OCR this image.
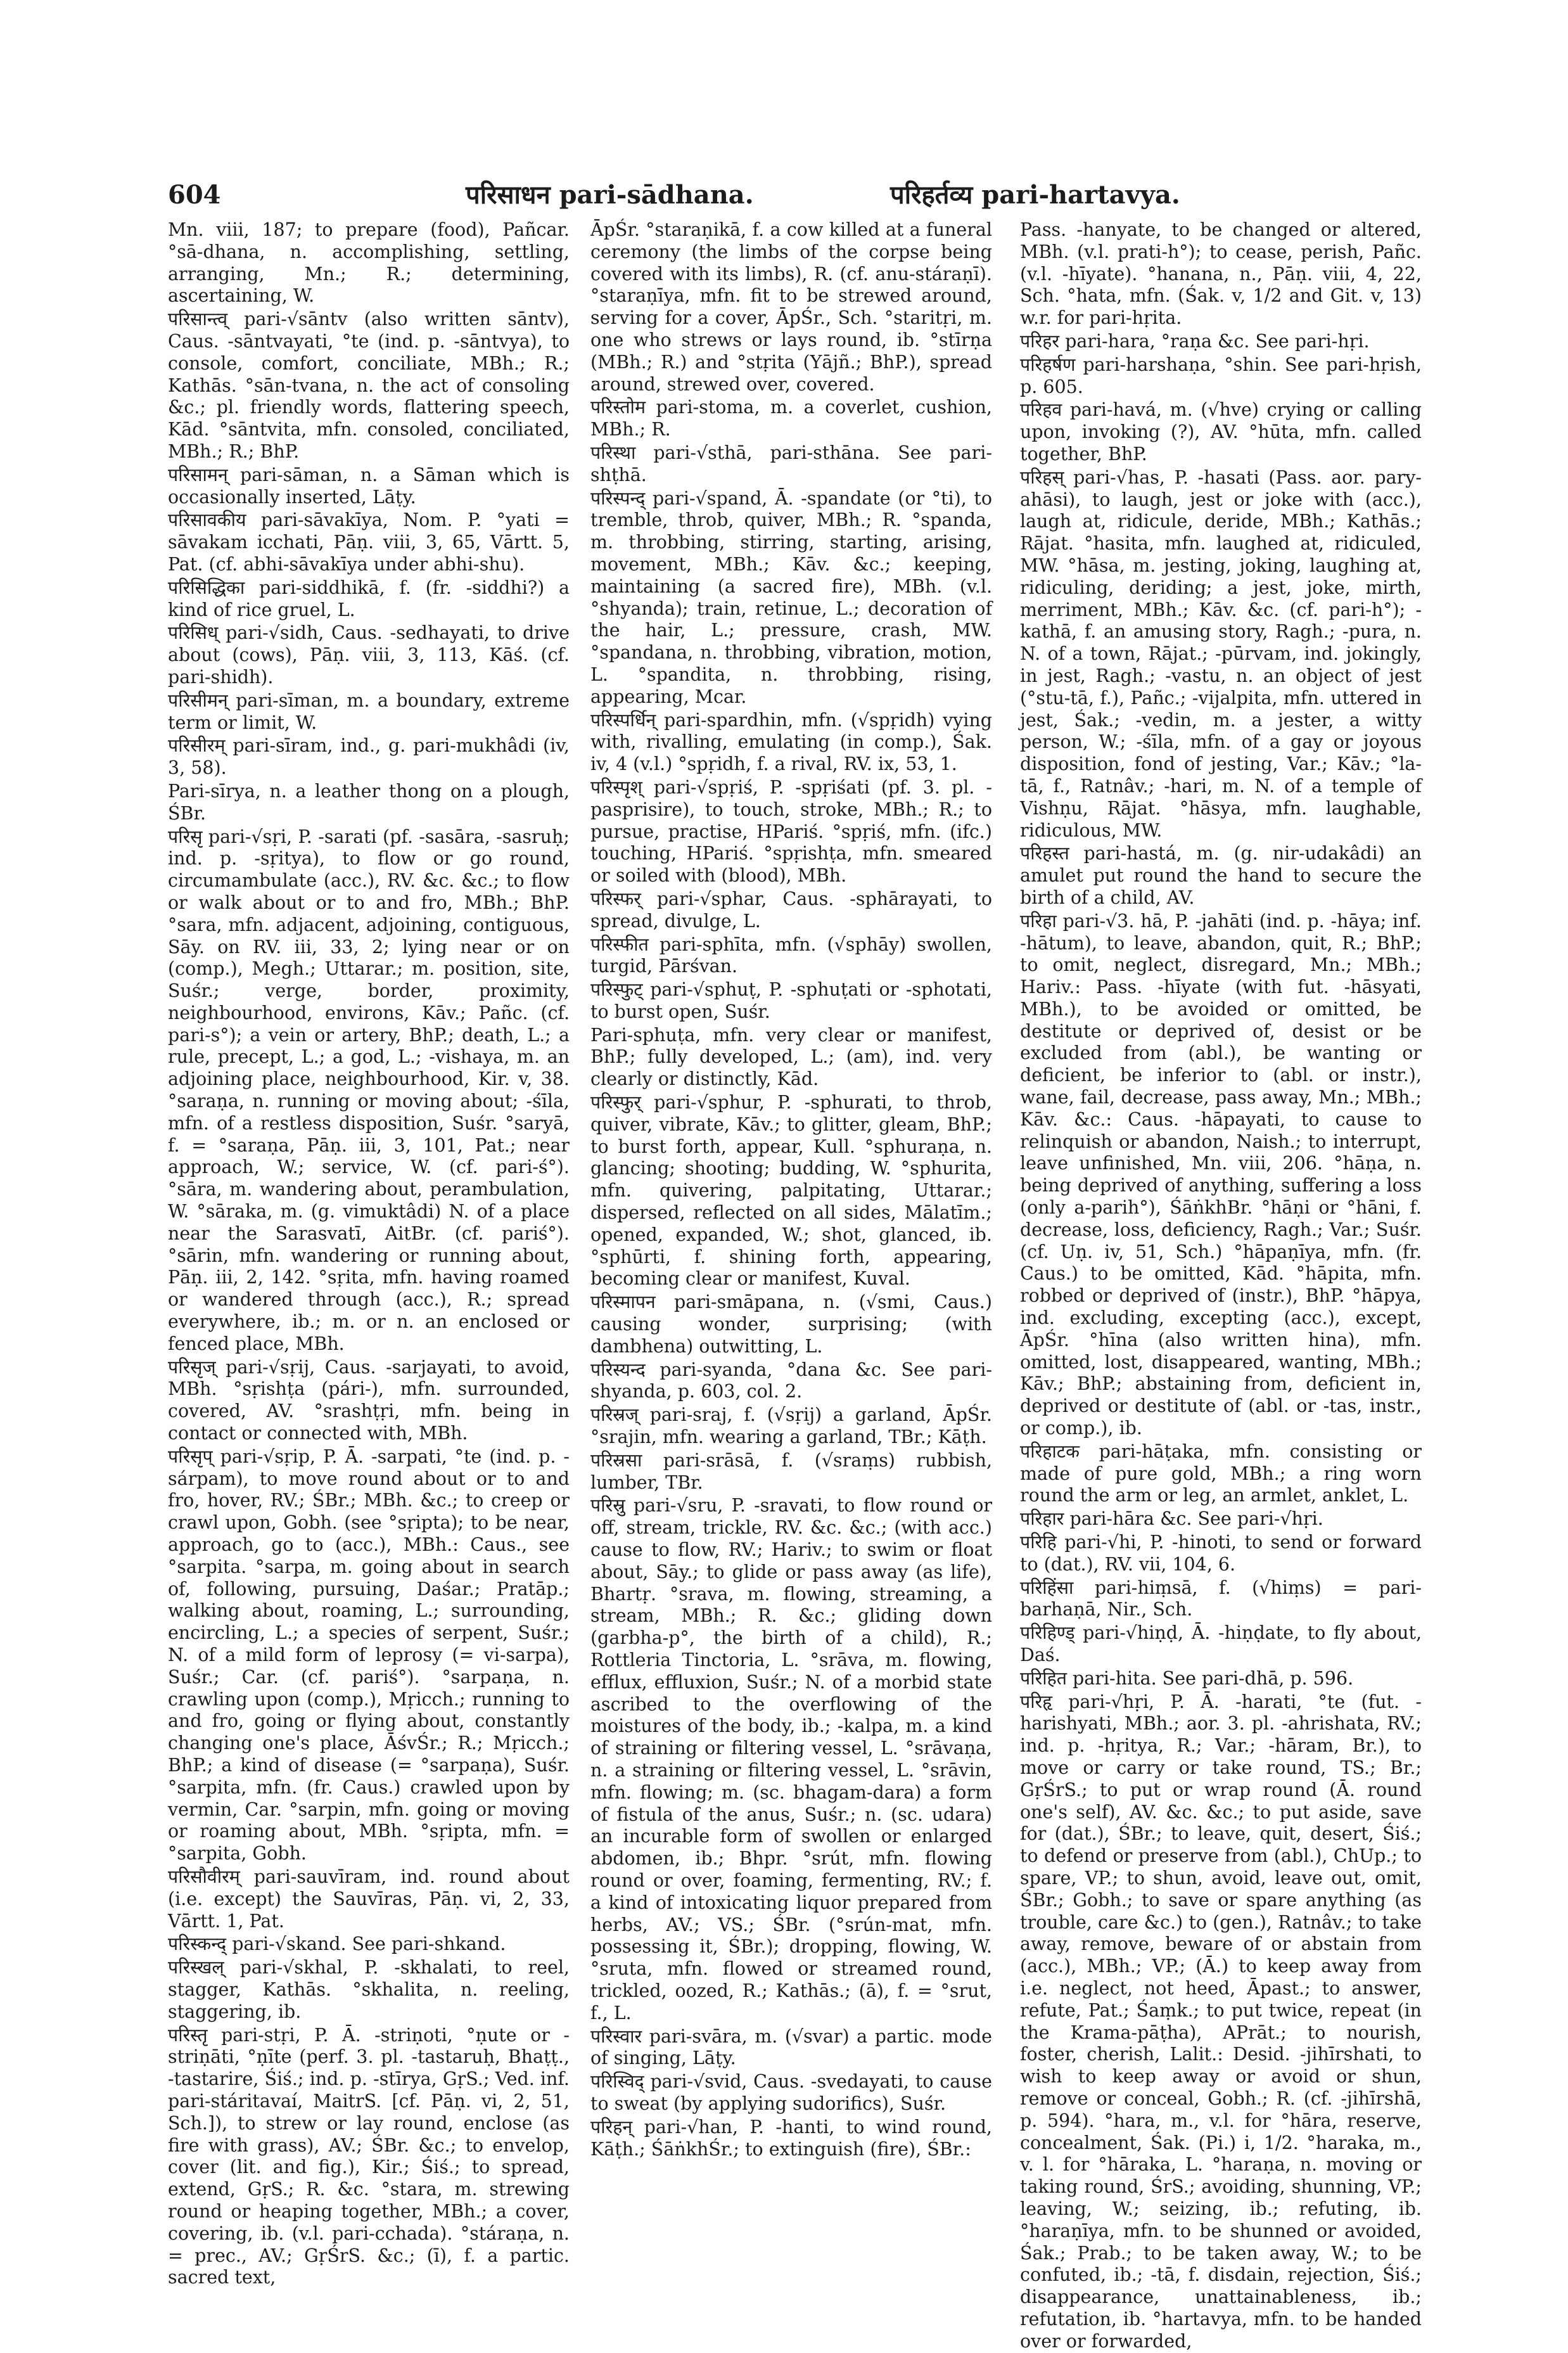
604	परिसाधन pari-sādhana.	परिहर्तव्य pari-hartavya.
Mn. viii, 187; to prepare (food), Pañcar. °sā-dhana, n. accomplishing, settling, arranging, Mn.; R.; determining, ascertaining, W.
परिसान्त्व् pari-√sāntv (also written sāntv), Caus. -sāntvayati, °te (ind. p. -sāntvya), to console, comfort, conciliate, MBh.; R.; Kathās. °sān-tvana, n. the act of consoling &c.; pl. friendly words, flattering speech, Kād. °sāntvita, mfn. consoled, conciliated, MBh.; R.; BhP.
परिसामन् pari-sāman, n. a Sāman which is occasionally inserted, Lāṭy.
परिसावकीय pari-sāvakīya, Nom. P. °yati = sāvakam icchati, Pāṇ. viii, 3, 65, Vārtt. 5, Pat. (cf. abhi-sāvakīya under abhi-shu).
परिसिद्धिका pari-siddhikā, f. (fr. -siddhi?) a kind of rice gruel, L.
परिसिध् pari-√sidh, Caus. -sedhayati, to drive about (cows), Pāṇ. viii, 3, 113, Kāś. (cf. pari-shidh).
परिसीमन् pari-sīman, m. a boundary, extreme term or limit, W.
परिसीरम् pari-sīram, ind., g. pari-mukhâdi (iv, 3, 58).
Pari-sīrya, n. a leather thong on a plough, ŚBr.
परिसृ pari-√sṛi, P. -sarati (pf. -sasāra, -sasruḥ; ind. p. -sṛitya), to flow or go round, circumambulate (acc.), RV. &c. &c.; to flow or walk about or to and fro, MBh.; BhP. °sara, mfn. adjacent, adjoining, contiguous, Sāy. on RV. iii, 33, 2; lying near or on (comp.), Megh.; Uttarar.; m. position, site, Suśr.; verge, border, proximity, neighbourhood, environs, Kāv.; Pañc. (cf. pari-s°); a vein or artery, BhP.; death, L.; a rule, precept, L.; a god, L.; -vishaya, m. an adjoining place, neighbourhood, Kir. v, 38. °saraṇa, n. running or moving about; -śīla, mfn. of a restless disposition, Suśr. °saryā, f. = °saraṇa, Pāṇ. iii, 3, 101, Pat.; near approach, W.; service, W. (cf. pari-ś°). °sāra, m. wandering about, perambulation, W. °sāraka, m. (g. vimuktâdi) N. of a place near the Sarasvatī, AitBr. (cf. pariś°). °sārin, mfn. wandering or running about, Pāṇ. iii, 2, 142. °sṛita, mfn. having roamed or wandered through (acc.), R.; spread everywhere, ib.; m. or n. an enclosed or fenced place, MBh.
परिसृज् pari-√sṛij, Caus. -sarjayati, to avoid, MBh. °sṛishṭa (pári-), mfn. surrounded, covered, AV. °srashṭṛi, mfn. being in contact or connected with, MBh.
परिसृप् pari-√sṛip, P. Ā. -sarpati, °te (ind. p. -sárpam), to move round about or to and fro, hover, RV.; ŚBr.; MBh. &c.; to creep or crawl upon, Gobh. (see °sṛipta); to be near, approach, go to (acc.), MBh.: Caus., see °sarpita. °sarpa, m. going about in search of, following, pursuing, Daśar.; Pratāp.; walking about, roaming, L.; surrounding, encircling, L.; a species of serpent, Suśr.; N. of a mild form of leprosy (= vi-sarpa), Suśr.; Car. (cf. pariś°). °sarpaṇa, n. crawling upon (comp.), Mṛicch.; running to and fro, going or flying about, constantly changing one's place, ĀśvŚr.; R.; Mṛicch.; BhP.; a kind of disease (= °sarpaṇa), Suśr. °sarpita, mfn. (fr. Caus.) crawled upon by vermin, Car. °sarpin, mfn. going or moving or roaming about, MBh. °sṛipta, mfn. = °sarpita, Gobh.
परिसौवीरम् pari-sauvīram, ind. round about (i.e. except) the Sauvīras, Pāṇ. vi, 2, 33, Vārtt. 1, Pat.
परिस्कन्द् pari-√skand. See pari-shkand.
परिस्खल् pari-√skhal, P. -skhalati, to reel, stagger, Kathās. °skhalita, n. reeling, staggering, ib.
परिस्तृ pari-stṛi, P. Ā. -striṇoti, °ṇute or -striṇāti, °ṇīte (perf. 3. pl. -tastaruḥ, Bhaṭṭ., -tastarire, Śiś.; ind. p. -stīrya, GṛS.; Ved. inf. pari-stáritavaí, MaitrS. [cf. Pāṇ. vi, 2, 51, Sch.]), to strew or lay round, enclose (as fire with grass), AV.; ŚBr. &c.; to envelop, cover (lit. and fig.), Kir.; Śiś.; to spread, extend, GṛS.; R. &c. °stara, m. strewing round or heaping together, MBh.; a cover, covering, ib. (v.l. pari-cchada). °stáraṇa, n. = prec., AV.; GṛŚrS. &c.; (ī), f. a partic. sacred text,
ĀpŚr. °staraṇikā, f. a cow killed at a funeral ceremony (the limbs of the corpse being covered with its limbs), R. (cf. anu-stáraṇī). °staraṇīya, mfn. fit to be strewed around, serving for a cover, ĀpŚr., Sch. °staritṛi, m. one who strews or lays round, ib. °stīrṇa (MBh.; R.) and °stṛita (Yājñ.; BhP.), spread around, strewed over, covered.
परिस्तोम pari-stoma, m. a coverlet, cushion, MBh.; R.
परिस्था pari-√sthā, pari-sthāna. See pari-shṭhā.
परिस्पन्द् pari-√spand, Ā. -spandate (or °ti), to tremble, throb, quiver, MBh.; R. °spanda, m. throbbing, stirring, starting, arising, movement, MBh.; Kāv. &c.; keeping, maintaining (a sacred fire), MBh. (v.l. °shyanda); train, retinue, L.; decoration of the hair, L.; pressure, crash, MW. °spandana, n. throbbing, vibration, motion, L. °spandita, n. throbbing, rising, appearing, Mcar.
परिस्पर्धिन् pari-spardhin, mfn. (√spṛidh) vying with, rivalling, emulating (in comp.), Śak. iv, 4 (v.l.) °spṛidh, f. a rival, RV. ix, 53, 1.
परिस्पृश् pari-√spṛiś, P. -spṛiśati (pf. 3. pl. -pasprisire), to touch, stroke, MBh.; R.; to pursue, practise, HPariś. °spṛiś, mfn. (ifc.) touching, HPariś. °spṛishṭa, mfn. smeared or soiled with (blood), MBh.
परिस्फर् pari-√sphar, Caus. -sphārayati, to spread, divulge, L.
परिस्फीत pari-sphīta, mfn. (√sphāy) swollen, turgid, Pārśvan.
परिस्फुट् pari-√sphuṭ, P. -sphuṭati or -sphotati, to burst open, Suśr.
Pari-sphuṭa, mfn. very clear or manifest, BhP.; fully developed, L.; (am), ind. very clearly or distinctly, Kād.
परिस्फुर् pari-√sphur, P. -sphurati, to throb, quiver, vibrate, Kāv.; to glitter, gleam, BhP.; to burst forth, appear, Kull. °sphuraṇa, n. glancing; shooting; budding, W. °sphurita, mfn. quivering, palpitating, Uttarar.; dispersed, reflected on all sides, Mālatīm.; opened, expanded, W.; shot, glanced, ib. °sphūrti, f. shining forth, appearing, becoming clear or manifest, Kuval.
परिस्मापन pari-smāpana, n. (√smi, Caus.) causing wonder, surprising; (with dambhena) outwitting, L.
परिस्यन्द pari-syanda, °dana &c. See pari-shyanda, p. 603, col. 2.
परिस्रज् pari-sraj, f. (√sṛij) a garland, ĀpŚr. °srajin, mfn. wearing a garland, TBr.; Kāṭh.
परिस्रसा pari-srāsā, f. (√sraṃs) rubbish, lumber, TBr.
परिस्रु pari-√sru, P. -sravati, to flow round or off, stream, trickle, RV. &c. &c.; (with acc.) cause to flow, RV.; Hariv.; to swim or float about, Sāy.; to glide or pass away (as life), Bhartṛ. °srava, m. flowing, streaming, a stream, MBh.; R. &c.; gliding down (garbha-p°, the birth of a child), R.; Rottleria Tinctoria, L. °srāva, m. flowing, efflux, effluxion, Suśr.; N. of a morbid state ascribed to the overflowing of the moistures of the body, ib.; -kalpa, m. a kind of straining or filtering vessel, L. °srāvaṇa, n. a straining or filtering vessel, L. °srāvin, mfn. flowing; m. (sc. bhagam-dara) a form of fistula of the anus, Suśr.; n. (sc. udara) an incurable form of swollen or enlarged abdomen, ib.; Bhpr. °srút, mfn. flowing round or over, foaming, fermenting, RV.; f. a kind of intoxicating liquor prepared from herbs, AV.; VS.; ŚBr. (°srún-mat, mfn. possessing it, ŚBr.); dropping, flowing, W. °sruta, mfn. flowed or streamed round, trickled, oozed, R.; Kathās.; (ā), f. = °srut, f., L.
परिस्वार pari-svāra, m. (√svar) a partic. mode of singing, Lāṭy.
परिस्विद् pari-√svid, Caus. -svedayati, to cause to sweat (by applying sudorifics), Suśr.
परिहन् pari-√han, P. -hanti, to wind round, Kāṭh.; ŚāṅkhŚr.; to extinguish (fire), ŚBr.:
Pass. -hanyate, to be changed or altered, MBh. (v.l. prati-h°); to cease, perish, Pañc. (v.l. -hīyate). °hanana, n., Pāṇ. viii, 4, 22, Sch. °hata, mfn. (Śak. v, 1/2 and Git. v, 13) w.r. for pari-hṛita.
परिहर pari-hara, °raṇa &c. See pari-hṛi.
परिहर्षण pari-harshaṇa, °shin. See pari-hṛish, p. 605.
परिहव pari-havá, m. (√hve) crying or calling upon, invoking (?), AV. °hūta, mfn. called together, BhP.
परिहस् pari-√has, P. -hasati (Pass. aor. pary-ahāsi), to laugh, jest or joke with (acc.), laugh at, ridicule, deride, MBh.; Kathās.; Rājat. °hasita, mfn. laughed at, ridiculed, MW. °hāsa, m. jesting, joking, laughing at, ridiculing, deriding; a jest, joke, mirth, merriment, MBh.; Kāv. &c. (cf. pari-h°); -kathā, f. an amusing story, Ragh.; -pura, n. N. of a town, Rājat.; -pūrvam, ind. jokingly, in jest, Ragh.; -vastu, n. an object of jest (°stu-tā, f.), Pañc.; -vijalpita, mfn. uttered in jest, Śak.; -vedin, m. a jester, a witty person, W.; -śīla, mfn. of a gay or joyous disposition, fond of jesting, Var.; Kāv.; °la-tā, f., Ratnâv.; -hari, m. N. of a temple of Vishṇu, Rājat. °hāsya, mfn. laughable, ridiculous, MW.
परिहस्त pari-hastá, m. (g. nir-udakâdi) an amulet put round the hand to secure the birth of a child, AV.
परिहा pari-√3. hā, P. -jahāti (ind. p. -hāya; inf. -hātum), to leave, abandon, quit, R.; BhP.; to omit, neglect, disregard, Mn.; MBh.; Hariv.: Pass. -hīyate (with fut. -hāsyati, MBh.), to be avoided or omitted, be destitute or deprived of, desist or be excluded from (abl.), be wanting or deficient, be inferior to (abl. or instr.), wane, fail, decrease, pass away, Mn.; MBh.; Kāv. &c.: Caus. -hāpayati, to cause to relinquish or abandon, Naish.; to interrupt, leave unfinished, Mn. viii, 206. °hāṇa, n. being deprived of anything, suffering a loss (only a-parih°), ŚāṅkhBr. °hāṇi or °hāni, f. decrease, loss, deficiency, Ragh.; Var.; Suśr. (cf. Uṇ. iv, 51, Sch.) °hāpaṇīya, mfn. (fr. Caus.) to be omitted, Kād. °hāpita, mfn. robbed or deprived of (instr.), BhP. °hāpya, ind. excluding, excepting (acc.), except, ĀpŚr. °hīna (also written hina), mfn. omitted, lost, disappeared, wanting, MBh.; Kāv.; BhP.; abstaining from, deficient in, deprived or destitute of (abl. or -tas, instr., or comp.), ib.
परिहाटक pari-hāṭaka, mfn. consisting or made of pure gold, MBh.; a ring worn round the arm or leg, an armlet, anklet, L.
परिहार pari-hāra &c. See pari-√hṛi.
परिहि pari-√hi, P. -hinoti, to send or forward to (dat.), RV. vii, 104, 6.
परिहिंसा pari-hiṃsā, f. (√hiṃs) = pari-barhaṇā, Nir., Sch.
परिहिण्ड् pari-√hiṇḍ, Ā. -hiṇḍate, to fly about, Daś.
परिहित pari-hita. See pari-dhā, p. 596.
परिहृ pari-√hṛi, P. Ā. -harati, °te (fut. -harishyati, MBh.; aor. 3. pl. -ahrishata, RV.; ind. p. -hṛitya, R.; Var.; -hāram, Br.), to move or carry or take round, TS.; Br.; GṛŚrS.; to put or wrap round (Ā. round one's self), AV. &c. &c.; to put aside, save for (dat.), ŚBr.; to leave, quit, desert, Śiś.; to defend or preserve from (abl.), ChUp.; to spare, VP.; to shun, avoid, leave out, omit, ŚBr.; Gobh.; to save or spare anything (as trouble, care &c.) to (gen.), Ratnâv.; to take away, remove, beware of or abstain from (acc.), MBh.; VP.; (Ā.) to keep away from i.e. neglect, not heed, Āpast.; to answer, refute, Pat.; Śaṃk.; to put twice, repeat (in the Krama-pāṭha), APrāt.; to nourish, foster, cherish, Lalit.: Desid. -jihīrshati, to wish to keep away or avoid or shun, remove or conceal, Gobh.; R. (cf. -jihīrshā, p. 594). °hara, m., v.l. for °hāra, reserve, concealment, Śak. (Pi.) i, 1/2. °haraka, m., v. l. for °hāraka, L. °haraṇa, n. moving or taking round, ŚrS.; avoiding, shunning, VP.; leaving, W.; seizing, ib.; refuting, ib. °haraṇīya, mfn. to be shunned or avoided, Śak.; Prab.; to be taken away, W.; to be confuted, ib.; -tā, f. disdain, rejection, Śiś.; disappearance, unattainableness, ib.; refutation, ib. °hartavya, mfn. to be handed over or forwarded,
